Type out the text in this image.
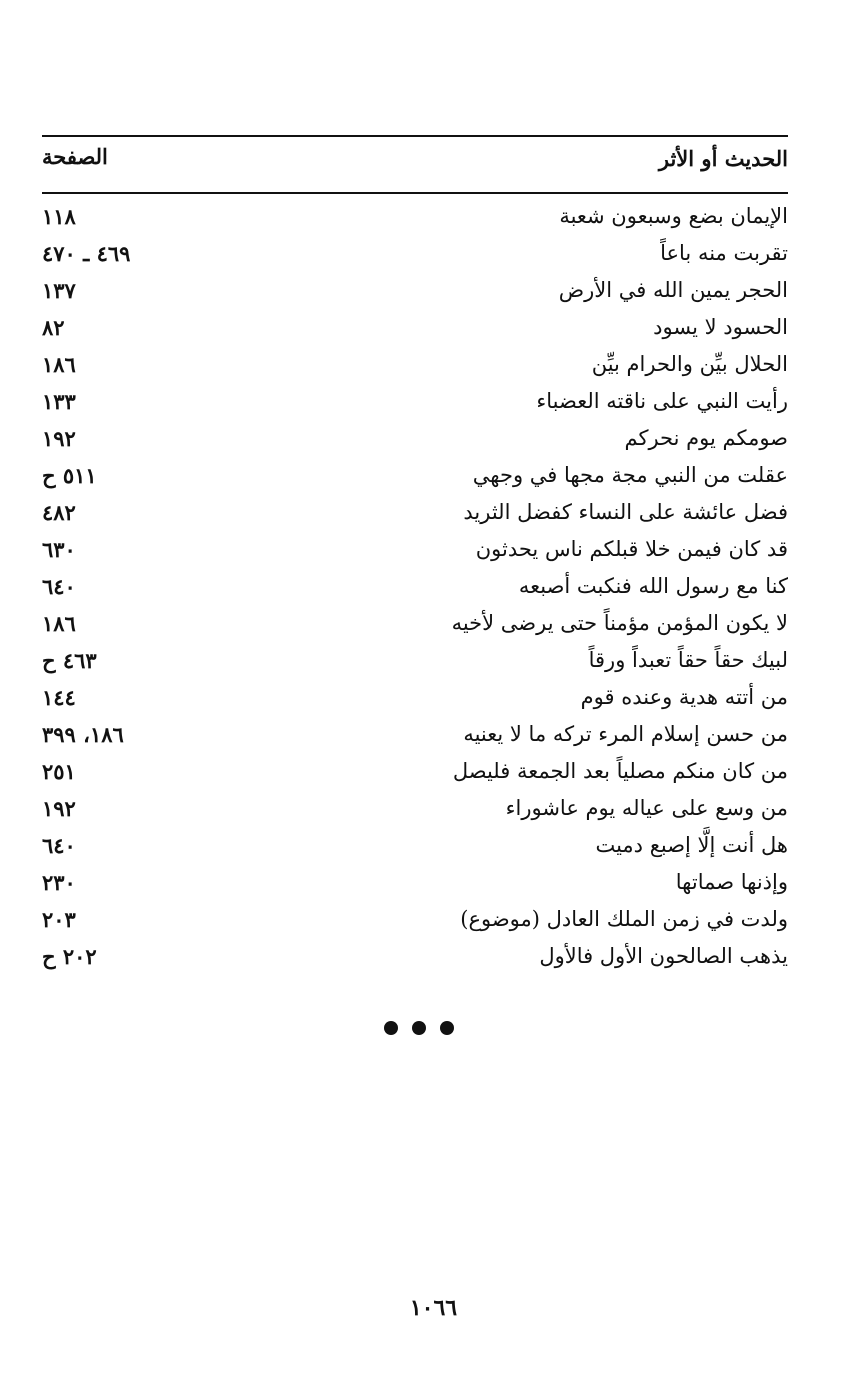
الحديث أو الأثر
الصفحة
الإيمان بضع وسبعون شعبة
١١٨
تقربت منه باعاً
٤٦٩ ـ ٤٧٠
الحجر يمين الله في الأرض
١٣٧
الحسود لا يسود
٨٢
الحلال بيِّن والحرام بيِّن
١٨٦
رأيت النبي على ناقته العضباء
١٣٣
صومكم يوم نحركم
١٩٢
عقلت من النبي مجة مجها في وجهي
٥١١ ح
فضل عائشة على النساء كفضل الثريد
٤٨٢
قد كان فيمن خلا قبلكم ناس يحدثون
٦٣٠
كنا مع رسول الله فنكبت أصبعه
٦٤٠
لا يكون المؤمن مؤمناً حتى يرضى لأخيه
١٨٦
لبيك حقاً حقاً تعبداً ورقاً
٤٦٣ ح
من أتته هدية وعنده قوم
١٤٤
من حسن إسلام المرء تركه ما لا يعنيه
١٨٦، ٣٩٩
من كان منكم مصلياً بعد الجمعة فليصل
٢٥١
من وسع على عياله يوم عاشوراء
١٩٢
هل أنت إلَّا إصبع دميت
٦٤٠
وإذنها صماتها
٢٣٠
ولدت في زمن الملك العادل (موضوع)
٢٠٣
يذهب الصالحون الأول فالأول
٢٠٢ ح
١٠٦٦
